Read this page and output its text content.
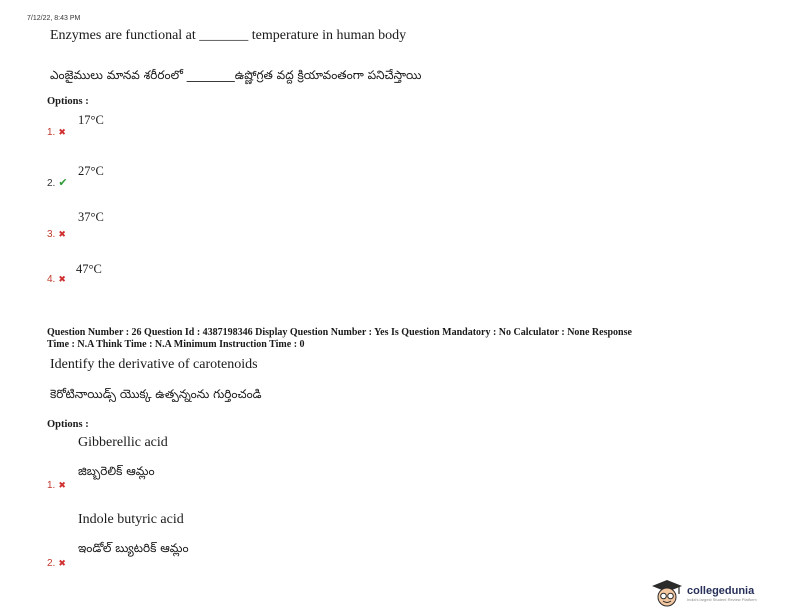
7/12/22, 8:43 PM
Enzymes are functional at _______ temperature in human body
ఎంజైములు మానవ శరీరంలో ________ఉష్ణోగ్రత వద్ద క్రియావంతంగా పనిచేస్తాయి
Options :
17°C
1. ✖
27°C
2. ✔
37°C
3. ✖
47°C
4. ✖
Question Number : 26 Question Id : 4387198346 Display Question Number : Yes Is Question Mandatory : No Calculator : None Response
Time : N.A Think Time : N.A Minimum Instruction Time : 0
Identify the derivative of carotenoids
కెరోటినాయిడ్స్ యొక్క ఉత్పన్నంను గుర్తించండి
Options :
Gibberellic acid
జిబ్బరెలిక్ ఆమ్లం
1. ✖
Indole butyric acid
ఇండోల్ బ్యుటరిక్ ఆమ్లం
2. ✖
collegedunia
India's largest Student Review Platform
